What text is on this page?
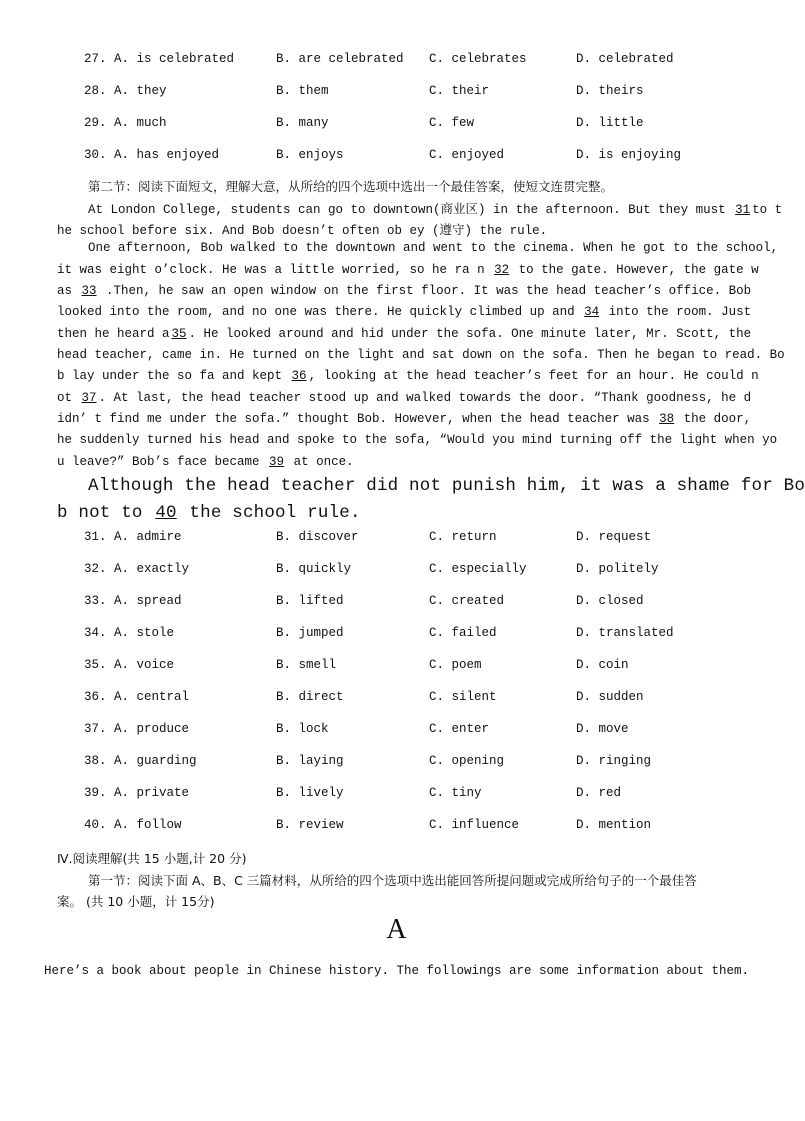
27. A. is celebrated	B. are celebrated C. celebrates	D. celebrated
28. A. they	B. them	C. their	D. theirs
29. A. much	B. many	C. few	D. little
30. A. has enjoyed	B. enjoys	C. enjoyed	D. is enjoying
第二节：阅读下面短文，理解大意，从所给的四个选项中选出一个最佳答案，使短文连贯完整。
At London College, students can go to downtown(商业区) in the afternoon. But they must 31 to t
he school before six. And Bob doesn’t often ob ey (遵守) the rule.
One afternoon, Bob walked to the downtown and went to the cinema. When he got to the school,
it was eight o’clock. He was a little worried, so he ra n 32 to the gate. However, the gate w
as 33 .Then, he saw an open window on the first floor. It was the head teacher’s office. Bob
looked into the room, and no one was there. He quickly climbed up and 34 into the room. Just
then he heard a 35 . He looked around and hid under the sofa. One minute later, Mr. Scott, the
head teacher, came in. He turned on the light and sat down on the sofa. Then he began to read. Bo
b lay under the so fa and kept 36 , looking at the head teacher’s feet for an hour. He could n
ot 37 . At last, the head teacher stood up and walked towards the door. “Thank goodness, he d
idn’ t find me under the sofa.” thought Bob. However, when the head teacher was 38 the door,
he suddenly turned his head and spoke to the sofa, “Would you mind turning off the light when yo
u leave?” Bob’s face became 39 at once.
Although the head teacher did not punish him, it was a shame for Bo
b not to 40 the school rule.
31. A. admire	B. discover	C. return	D. request
32. A. exactly	B. quickly	C. especially	D. politely
33. A. spread	B. lifted	C. created	D. closed
34. A. stole	B. jumped	C. failed	D. translated
35. A. voice	B. smell	C. poem	D. coin
36. A. central	B. direct	C. silent	D. sudden
37. A. produce	B. lock	C. enter	D. move
38. A. guarding	B. laying	C. opening	D. ringing
39. A. private	B. lively	C. tiny	D. red
40. A. follow	B. review	C. influence	D. mention
Ⅳ.阅读理解(共 15 小题,计 20 分)
第一节：阅读下面 A、B、C 三篇材料，从所给的四个选项中选出能回答所提问题或完成所给句子的一个最佳答
案。 (共 10 小题，计 15分)
A
Here’s a book about people in Chinese history. The followings are some information about them.
